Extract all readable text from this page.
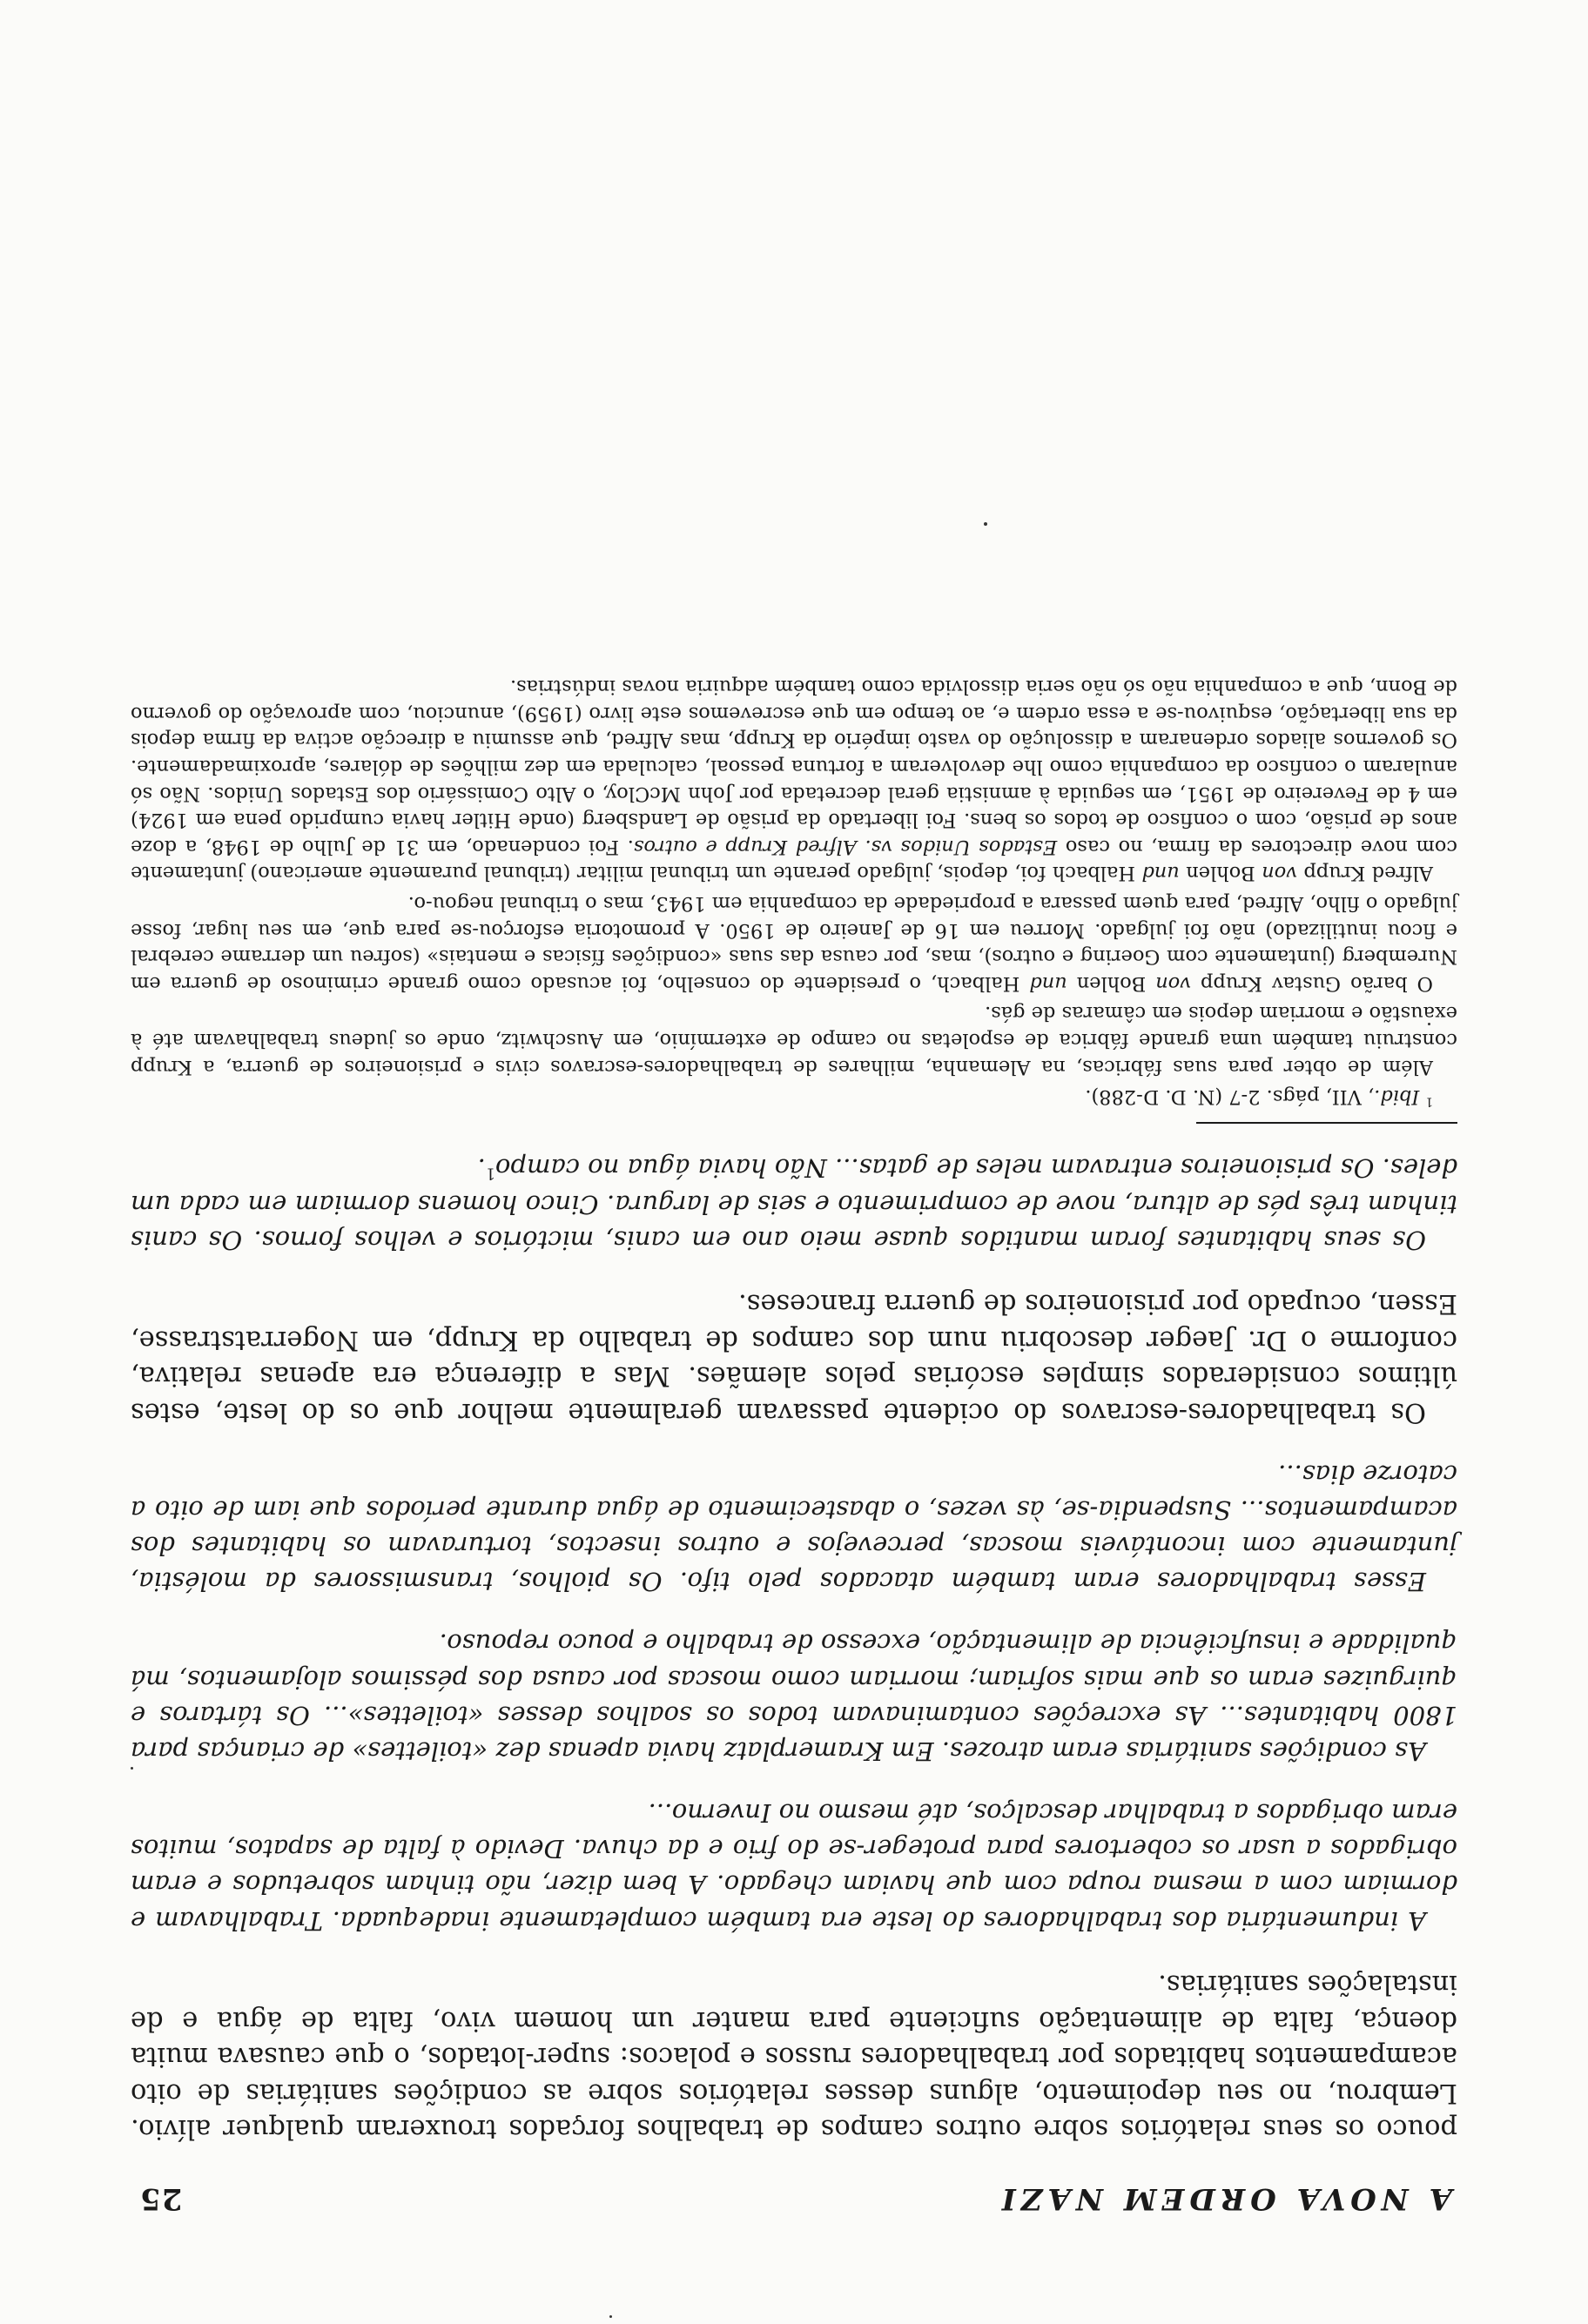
A NOVA ORDEM NAZI
25

pouco os seus relatórios sobre outros campos de trabalhos forçados trouxeram qualquer alívio. Lembrou, no seu depoimento, alguns desses relatórios sobre as condições sanitárias de oito acampamentos habitados por trabalhadores russos e polacos: super-lotados, o que causava muita doença, falta de alimentação suficiente para manter um homem vivo, falta de água e de instalações sanitárias.

A indumentária dos trabalhadores do leste era também completamente inadequada. Trabalhavam e dormiam com a mesma roupa com que haviam chegado. A bem dizer, não tinham sobretudos e eram obrigados a usar os cobertores para proteger-se do frio e da chuva. Devido à falta de sapatos, muitos eram obrigados a trabalhar descalços, até mesmo no Inverno...

As condições sanitárias eram atrozes. Em Kramerplatz havia apenas dez «toilettes» de crianças para 1800 habitantes... As excreções contaminavam todos os soalhos desses «toilettes»... Os tártaros e quirguizes eram os que mais sofriam; morriam como moscas por causa dos péssimos alojamentos, má qualidade e insuficiência de alimentação, excesso de trabalho e pouco repouso.

Esses trabalhadores eram também atacados pelo tifo. Os piolhos, transmissores da moléstia, juntamente com incontáveis moscas, percevejos e outros insectos, torturavam os habitantes dos acampamentos... Suspendia-se, às vezes, o abastecimento de água durante períodos que iam de oito a catorze dias...

Os trabalhadores-escravos do ocidente passavam geralmente melhor que os do leste, estes últimos considerados simples escórias pelos alemães. Mas a diferença era apenas relativa, conforme o Dr. Jaeger descobriu num dos campos de trabalho da Krupp, em Nogerratstrasse, Essen, ocupado por prisioneiros de guerra franceses.

Os seus habitantes foram mantidos quase meio ano em canis, mictórios e velhos fornos. Os canis tinham três pés de altura, nove de comprimento e seis de largura. Cinco homens dormiam em cada um deles. Os prisioneiros entravam neles de gatas... Não havia água no campo$^1$.

$^1$ Ibid., VII, págs. 2-7 (N. D. D-288).

Além de obter para suas fábricas, na Alemanha, milhares de trabalhadores-escravos civis e prisioneiros de guerra, a Krupp construiu também uma grande fábrica de espoletas no campo de extermínio, em Auschwitz, onde os judeus trabalhavam até à exaustão e morriam depois em câmaras de gás.

O barão Gustav Krupp von Bohlen und Halbach, o presidente do conselho, foi acusado como grande criminoso de guerra em Nuremberg (juntamente com Goering e outros), mas, por causa das suas «condições físicas e mentais» (sofreu um derrame cerebral e ficou inutilizado) não foi julgado. Morreu em 16 de Janeiro de 1950. A promotoria esforçou-se para que, em seu lugar, fosse julgado o filho, Alfred, para quem passara a propriedade da companhia em 1943, mas o tribunal negou-o.

Alfred Krupp von Bohlen und Halbach foi, depois, julgado perante um tribunal militar (tribunal puramente americano) juntamente com nove directores da firma, no caso Estados Unidos vs. Alfred Krupp e outros. Foi condenado, em 31 de Julho de 1948, a doze anos de prisão, com o confisco de todos os bens. Foi libertado da prisão de Landsberg (onde Hitler havia cumprido pena em 1924) em 4 de Fevereiro de 1951, em seguida à amnistia geral decretada por John McCloy, o Alto Comissário dos Estados Unidos. Não só anularam o confisco da companhia como lhe devolveram a fortuna pessoal, calculada em dez milhões de dólares, aproximadamente. Os governos aliados ordenaram a dissolução do vasto império da Krupp, mas Alfred, que assumiu a direcção activa da firma depois da sua libertação, esquivou-se a essa ordem e, ao tempo em que escrevemos este livro (1959), anunciou, com aprovação do governo de Bonn, que a companhia não só não seria dissolvida como também adquiria novas indústrias.
